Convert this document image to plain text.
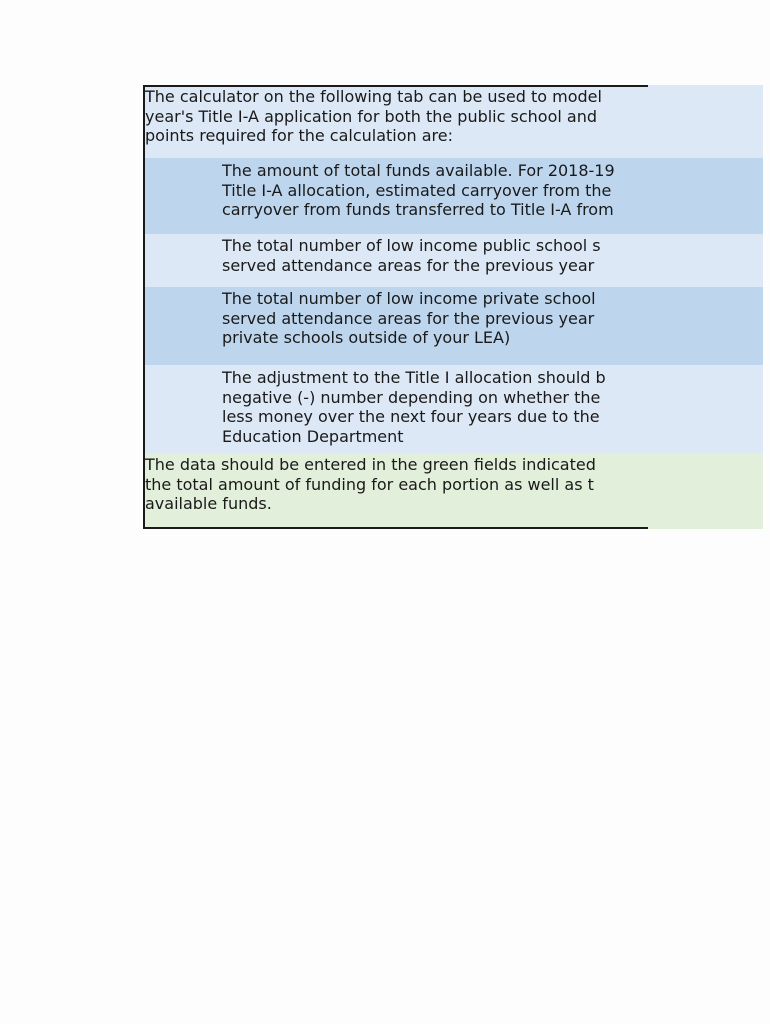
The calculator on the following tab can be used to model
year's Title I-A application for both the public school and
points required for the calculation are:
The amount of total funds available. For 2018-19
Title I-A allocation, estimated carryover from the
carryover from funds transferred to Title I-A from
The total number of low income public school s
served attendance areas for the previous year
The total number of low income private school
served attendance areas for the previous year
private schools outside of your LEA)
The adjustment to the Title I allocation should b
negative (-) number depending on whether the
less money over the next four years due to the
Education Department
The data should be entered in the green fields indicated
the total amount of funding for each portion as well as t
available funds.
